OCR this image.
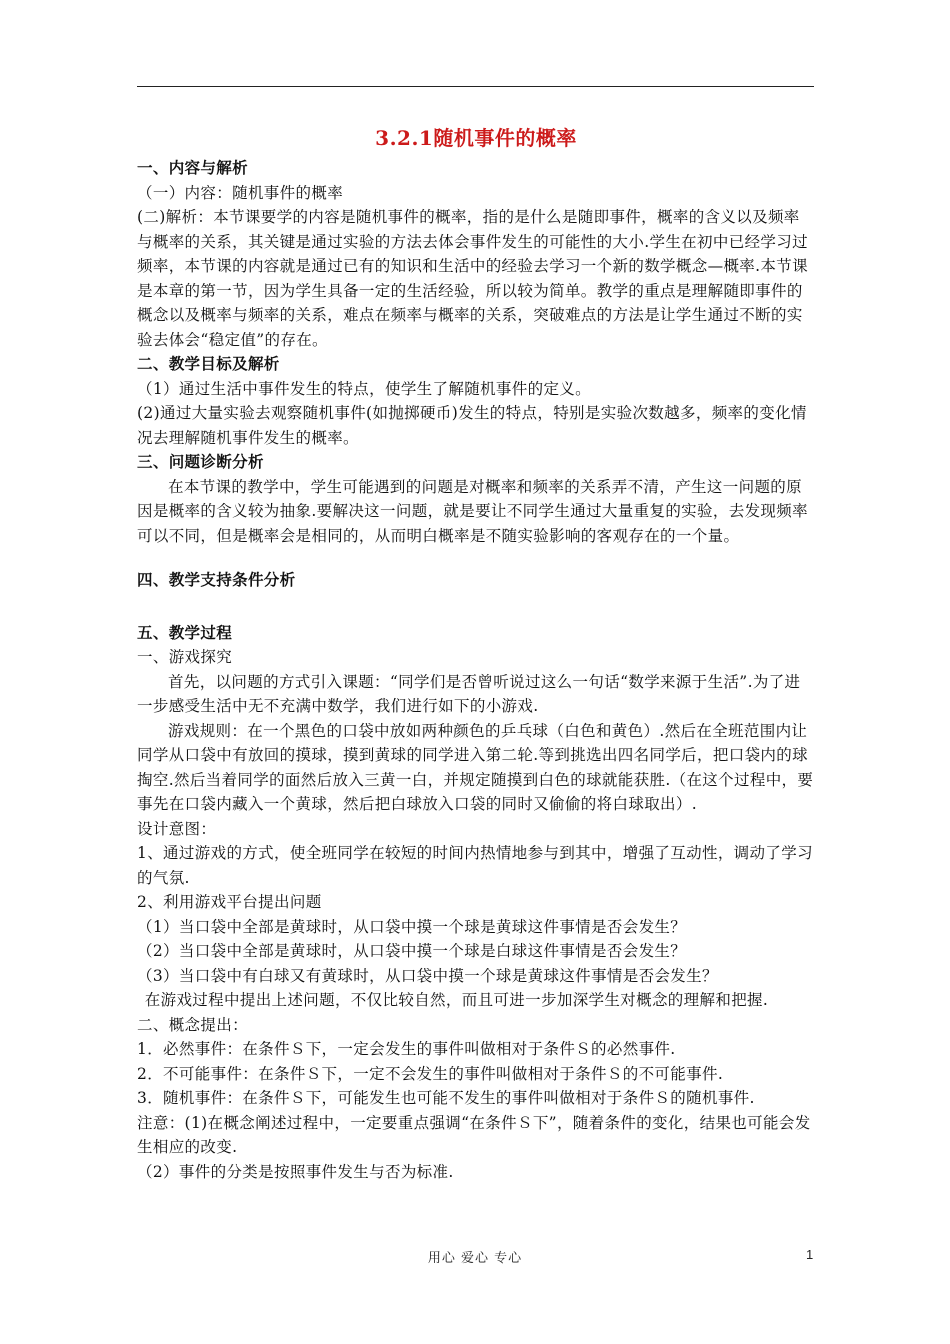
3.2.1随机事件的概率

一、内容与解析

（一）内容：随机事件的概率

(二)解析：本节课要学的内容是随机事件的概率，指的是什么是随即事件，概率的含义以及频率与概率的关系，其关键是通过实验的方法去体会事件发生的可能性的大小.学生在初中已经学习过频率，本节课的内容就是通过已有的知识和生活中的经验去学习一个新的数学概念—概率.本节课是本章的第一节，因为学生具备一定的生活经验，所以较为简单。教学的重点是理解随即事件的概念以及概率与频率的关系，难点在频率与概率的关系，突破难点的方法是让学生通过不断的实验去体会“稳定值”的存在。

二、教学目标及解析

（1）通过生活中事件发生的特点，使学生了解随机事件的定义。

(2)通过大量实验去观察随机事件(如抛掷硬币)发生的特点，特别是实验次数越多，频率的变化情况去理解随机事件发生的概率。

三、问题诊断分析

在本节课的教学中，学生可能遇到的问题是对概率和频率的关系弄不清，产生这一问题的原因是概率的含义较为抽象.要解决这一问题，就是要让不同学生通过大量重复的实验，去发现频率可以不同，但是概率会是相同的，从而明白概率是不随实验影响的客观存在的一个量。

四、教学支持条件分析

五、教学过程

一、游戏探究

首先，以问题的方式引入课题：“同学们是否曾听说过这么一句话“数学来源于生活”.为了进一步感受生活中无不充满中数学，我们进行如下的小游戏.

游戏规则：在一个黑色的口袋中放如两种颜色的乒乓球（白色和黄色）.然后在全班范围内让同学从口袋中有放回的摸球，摸到黄球的同学进入第二轮.等到挑选出四名同学后，把口袋内的球掏空.然后当着同学的面然后放入三黄一白，并规定随摸到白色的球就能获胜.（在这个过程中，要事先在口袋内藏入一个黄球，然后把白球放入口袋的同时又偷偷的将白球取出）.

设计意图：

1、通过游戏的方式，使全班同学在较短的时间内热情地参与到其中，增强了互动性，调动了学习的气氛.

2、利用游戏平台提出问题

（1）当口袋中全部是黄球时，从口袋中摸一个球是黄球这件事情是否会发生？

（2）当口袋中全部是黄球时，从口袋中摸一个球是白球这件事情是否会发生？

（3）当口袋中有白球又有黄球时，从口袋中摸一个球是黄球这件事情是否会发生？

在游戏过程中提出上述问题，不仅比较自然，而且可进一步加深学生对概念的理解和把握.

二、概念提出：

1．必然事件：在条件Ｓ下，一定会发生的事件叫做相对于条件Ｓ的必然事件.

2．不可能事件：在条件Ｓ下，一定不会发生的事件叫做相对于条件Ｓ的不可能事件.

3．随机事件：在条件Ｓ下，可能发生也可能不发生的事件叫做相对于条件Ｓ的随机事件.

注意：(1)在概念阐述过程中，一定要重点强调“在条件Ｓ下”，随着条件的变化，结果也可能会发生相应的改变.

（2）事件的分类是按照事件发生与否为标准.

用心 爱心 专心	1
